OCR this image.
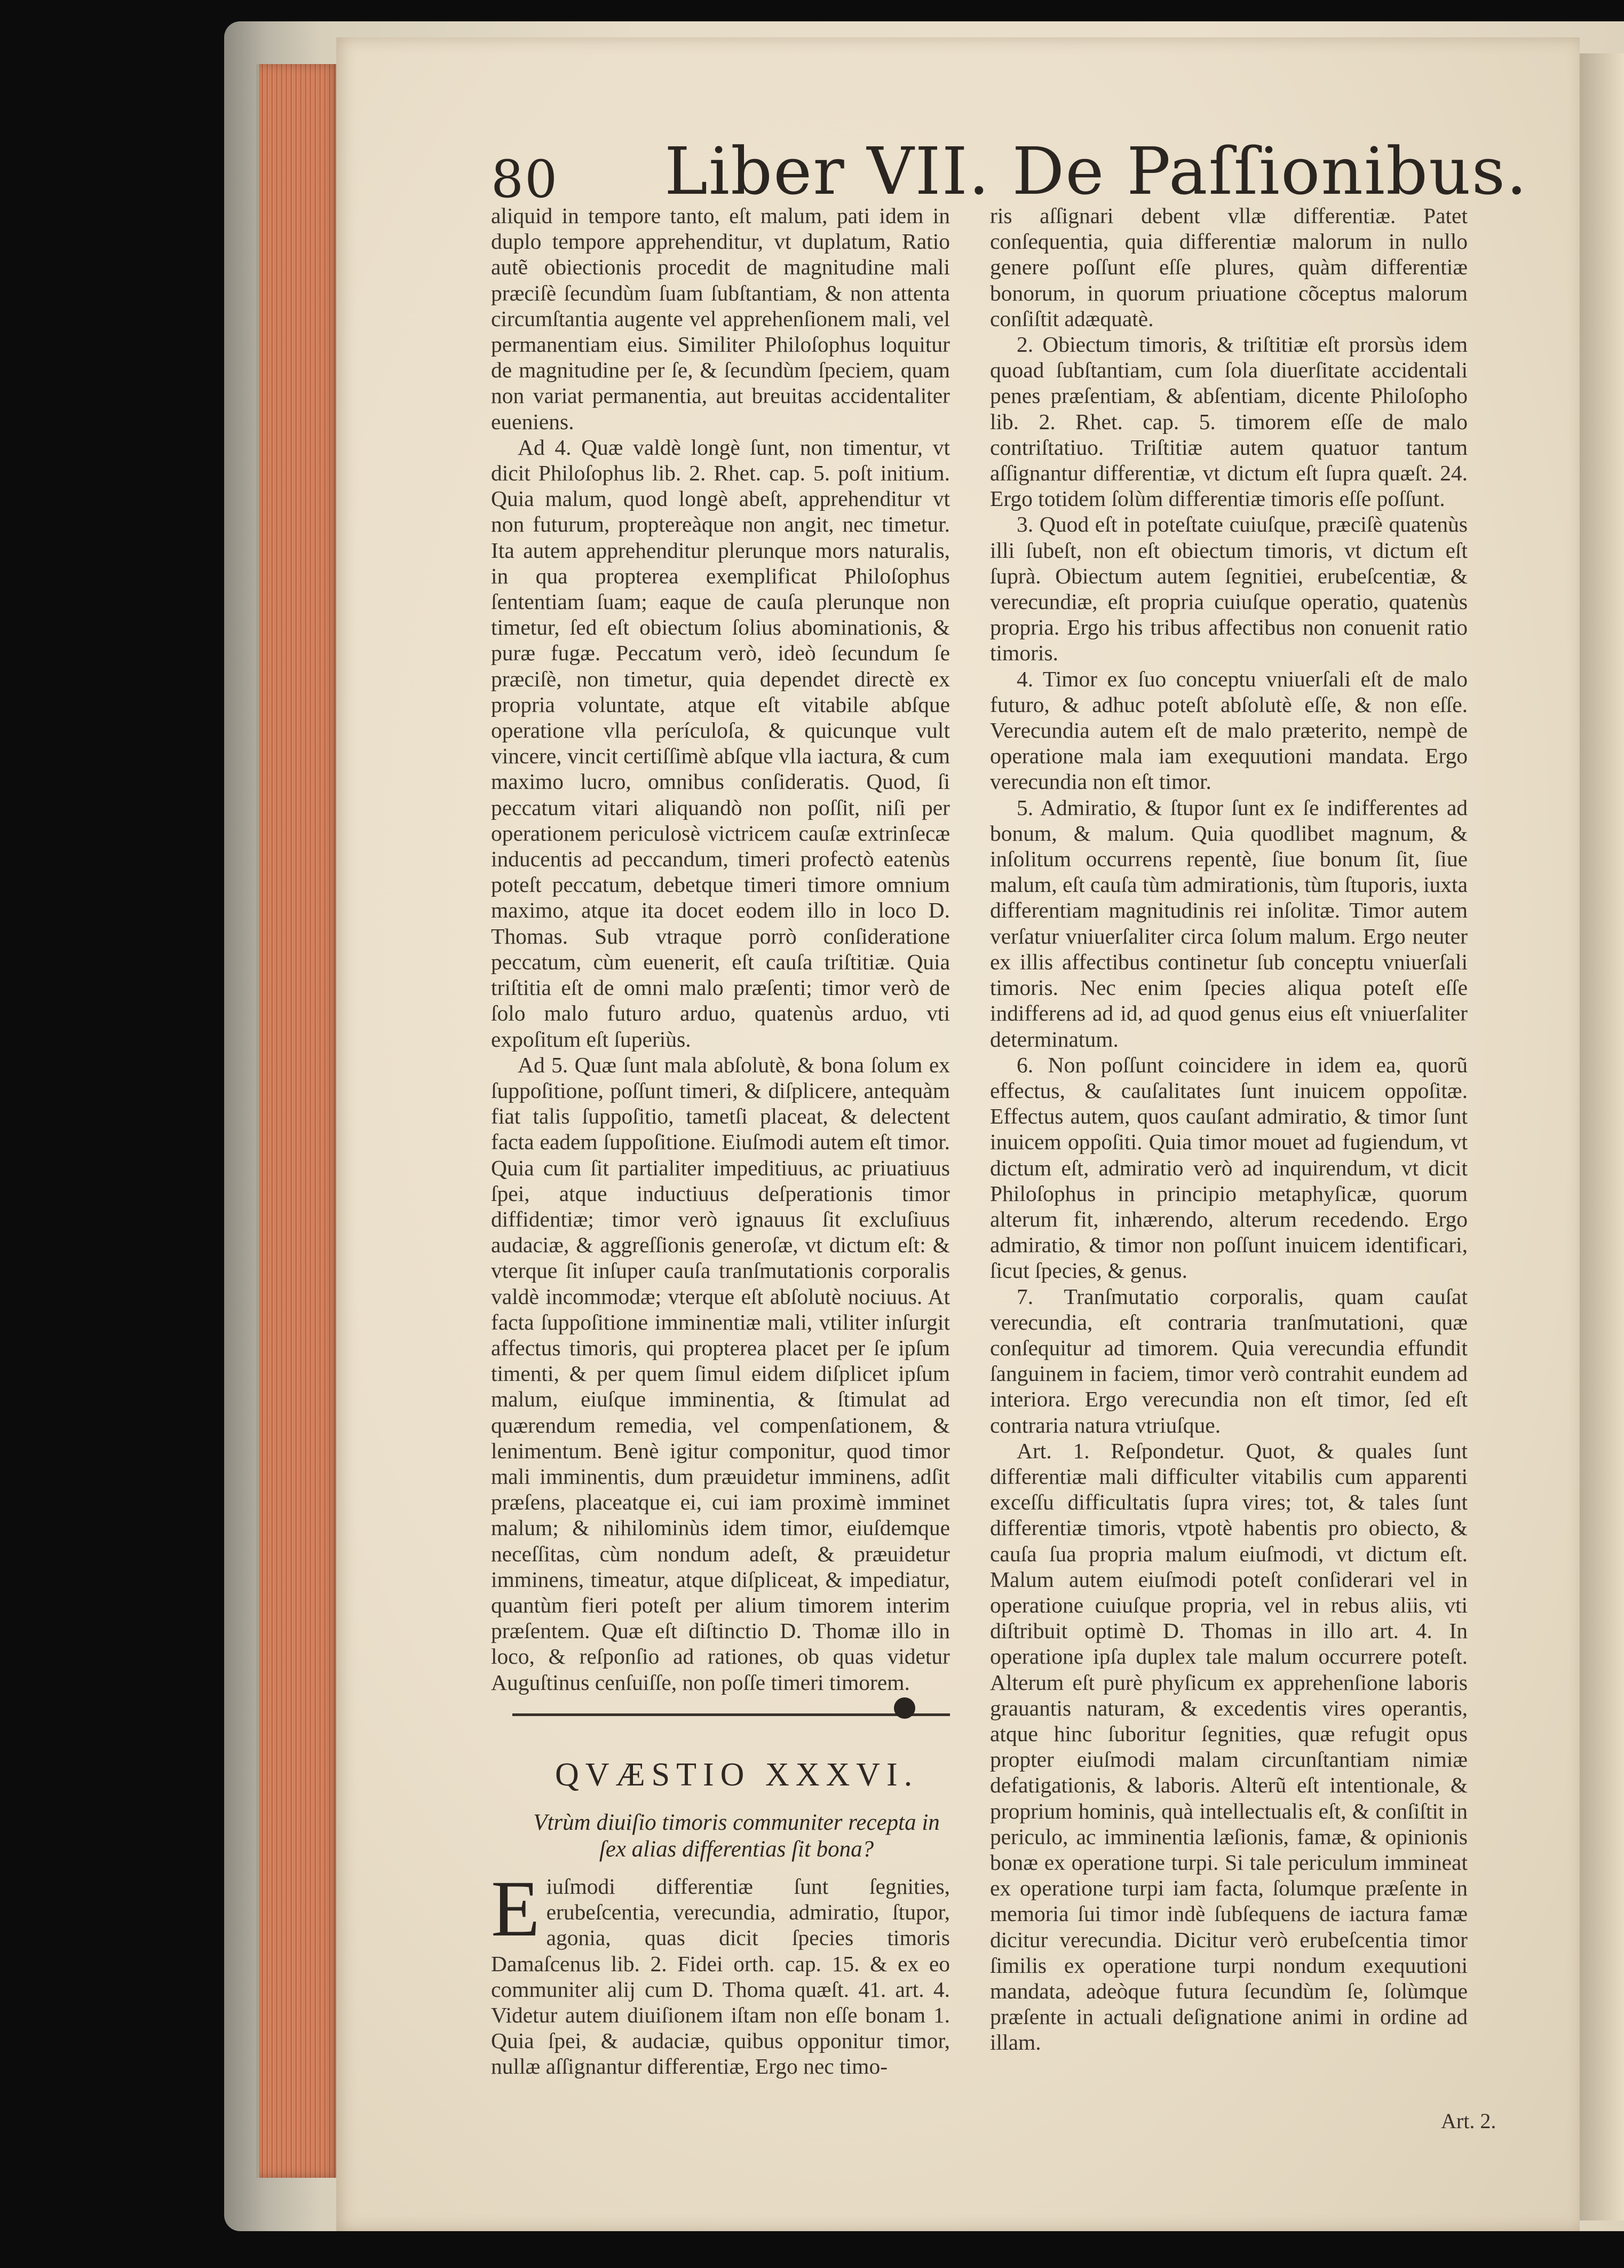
80 Liber VII. De Paſſionibus.

aliquid in tempore tanto, eſt malum, pati idem in duplo tempore apprehenditur, vt duplatum, Ratio autẽ obiectionis procedit de magnitudine mali præciſè ſecundùm ſuam ſubſtantiam, & non attenta circumſtantia augente vel apprehenſionem mali, vel permanentiam eius. Similiter Philoſophus loquitur de magnitudine per ſe, & ſecundùm ſpeciem, quam non variat permanentia, aut breuitas accidentaliter eueniens.

Ad 4. Quæ valdè longè ſunt, non timentur, vt dicit Philoſophus lib. 2. Rhet. cap. 5. poſt initium. Quia malum, quod longè abeſt, apprehenditur vt non futurum, proptereàque non angit, nec timetur. Ita autem apprehenditur plerunque mors naturalis, in qua propterea exemplificat Philoſophus ſententiam ſuam; eaque de cauſa plerunque non timetur, ſed eſt obiectum ſolius abominationis, & puræ fugæ. Peccatum verò, ideò ſecundum ſe præciſè, non timetur, quia dependet directè ex propria voluntate, atque eſt vitabile abſque operatione vlla perículoſa, & quicunque vult vincere, vincit certiſſimè abſque vlla iactura, & cum maximo lucro, omnibus conſideratis. Quod, ſi peccatum vitari aliquandò non poſſit, niſi per operationem periculosè victricem cauſæ extrinſecæ inducentis ad peccandum, timeri profectò eatenùs poteſt peccatum, debetque timeri timore omnium maximo, atque ita docet eodem illo in loco D. Thomas. Sub vtraque porrò conſideratione peccatum, cùm euenerit, eſt cauſa triſtitiæ. Quia triſtitia eſt de omni malo præſenti; timor verò de ſolo malo futuro arduo, quatenùs arduo, vti expoſitum eſt ſuperiùs.

Ad 5. Quæ ſunt mala abſolutè, & bona ſolum ex ſuppoſitione, poſſunt timeri, & diſplicere, antequàm fiat talis ſuppoſitio, tametſi placeat, & delectent facta eadem ſuppoſitione. Eiuſmodi autem eſt timor. Quia cum ſit partialiter impeditiuus, ac priuatiuus ſpei, atque inductiuus deſperationis timor diffidentiæ; timor verò ignauus ſit excluſiuus audaciæ, & aggreſſionis generoſæ, vt dictum eſt: & vterque ſit inſuper cauſa tranſmutationis corporalis valdè incommodæ; vterque eſt abſolutè nociuus. At facta ſuppoſitione imminentiæ mali, vtiliter inſurgit affectus timoris, qui propterea placet per ſe ipſum timenti, & per quem ſimul eidem diſplicet ipſum malum, eiuſque imminentia, & ſtimulat ad quærendum remedia, vel compenſationem, & lenimentum. Benè igitur componitur, quod timor mali imminentis, dum præuidetur imminens, adſit præſens, placeatque ei, cui iam proximè imminet malum; & nihilominùs idem timor, eiuſdemque neceſſitas, cùm nondum adeſt, & præuidetur imminens, timeatur, atque diſpliceat, & impediatur, quantùm fieri poteſt per alium timorem interim præſentem. Quæ eſt diſtinctio D. Thomæ illo in loco, & reſponſio ad rationes, ob quas videtur Auguſtinus cenſuiſſe, non poſſe timeri timorem.

QVÆSTIO XXXVI.
Vtrùm diuiſio timoris communiter recepta in ſex alias differentias ſit bona?
Eiuſmodi differentiæ ſunt ſegnities, erubeſcentia, verecundia, admiratio, ſtupor, agonia, quas dicit ſpecies timoris Damaſcenus lib. 2. Fidei orth. cap. 15. & ex eo communiter alij cum D. Thoma quæſt. 41. art. 4. Videtur autem diuiſionem iſtam non eſſe bonam 1. Quia ſpei, & audaciæ, quibus opponitur timor, nullæ aſſignantur differentiæ, Ergo nec timo-

ris aſſignari debent vllæ differentiæ. Patet conſequentia, quia differentiæ malorum in nullo genere poſſunt eſſe plures, quàm differentiæ bonorum, in quorum priuatione cõceptus malorum conſiſtit adæquatè.

2. Obiectum timoris, & triſtitiæ eſt prorsùs idem quoad ſubſtantiam, cum ſola diuerſitate accidentali penes præſentiam, & abſentiam, dicente Philoſopho lib. 2. Rhet. cap. 5. timorem eſſe de malo contriſtatiuo. Triſtitiæ autem quatuor tantum aſſignantur differentiæ, vt dictum eſt ſupra quæſt. 24. Ergo totidem ſolùm differentiæ timoris eſſe poſſunt.

3. Quod eſt in poteſtate cuiuſque, præciſè quatenùs illi ſubeſt, non eſt obiectum timoris, vt dictum eſt ſuprà. Obiectum autem ſegnitiei, erubeſcentiæ, & verecundiæ, eſt propria cuiuſque operatio, quatenùs propria. Ergo his tribus affectibus non conuenit ratio timoris.

4. Timor ex ſuo conceptu vniuerſali eſt de malo futuro, & adhuc poteſt abſolutè eſſe, & non eſſe. Verecundia autem eſt de malo præterito, nempè de operatione mala iam exequutioni mandata. Ergo verecundia non eſt timor.

5. Admiratio, & ſtupor ſunt ex ſe indifferentes ad bonum, & malum. Quia quodlibet magnum, & inſolitum occurrens repentè, ſiue bonum ſit, ſiue malum, eſt cauſa tùm admirationis, tùm ſtuporis, iuxta differentiam magnitudinis rei inſolitæ. Timor autem verſatur vniuerſaliter circa ſolum malum. Ergo neuter ex illis affectibus continetur ſub conceptu vniuerſali timoris. Nec enim ſpecies aliqua poteſt eſſe indifferens ad id, ad quod genus eius eſt vniuerſaliter determinatum.

6. Non poſſunt coincidere in idem ea, quorũ effectus, & cauſalitates ſunt inuicem oppoſitæ. Effectus autem, quos cauſant admiratio, & timor ſunt inuicem oppoſiti. Quia timor mouet ad fugiendum, vt dictum eſt, admiratio verò ad inquirendum, vt dicit Philoſophus in principio metaphyſicæ, quorum alterum fit, inhærendo, alterum recedendo. Ergo admiratio, & timor non poſſunt inuicem identificari, ſicut ſpecies, & genus.

7. Tranſmutatio corporalis, quam cauſat verecundia, eſt contraria tranſmutationi, quæ conſequitur ad timorem. Quia verecundia effundit ſanguinem in faciem, timor verò contrahit eundem ad interiora. Ergo verecundia non eſt timor, ſed eſt contraria natura vtriuſque.

Art. 1. Reſpondetur. Quot, & quales ſunt differentiæ mali difficulter vitabilis cum apparenti exceſſu difficultatis ſupra vires; tot, & tales ſunt differentiæ timoris, vtpotè habentis pro obiecto, & cauſa ſua propria malum eiuſmodi, vt dictum eſt. Malum autem eiuſmodi poteſt conſiderari vel in operatione cuiuſque propria, vel in rebus aliis, vti diſtribuit optimè D. Thomas in illo art. 4. In operatione ipſa duplex tale malum occurrere poteſt. Alterum eſt purè phyſicum ex apprehenſione laboris grauantis naturam, & excedentis vires operantis, atque hinc ſuboritur ſegnities, quæ refugit opus propter eiuſmodi malam circunſtantiam nimiæ defatigationis, & laboris. Alterũ eſt intentionale, & proprium hominis, quà intellectualis eſt, & conſiſtit in periculo, ac imminentia læſionis, famæ, & opinionis bonæ ex operatione turpi. Si tale periculum immineat ex operatione turpi iam facta, ſolumque præſente in memoria ſui timor indè ſubſequens de iactura famæ dicitur verecundia. Dicitur verò erubeſcentia timor ſimilis ex operatione turpi nondum exequutioni mandata, adeòque futura ſecundùm ſe, ſolùmque præſente in actuali deſignatione animi in ordine ad illam.

Art. 2.
